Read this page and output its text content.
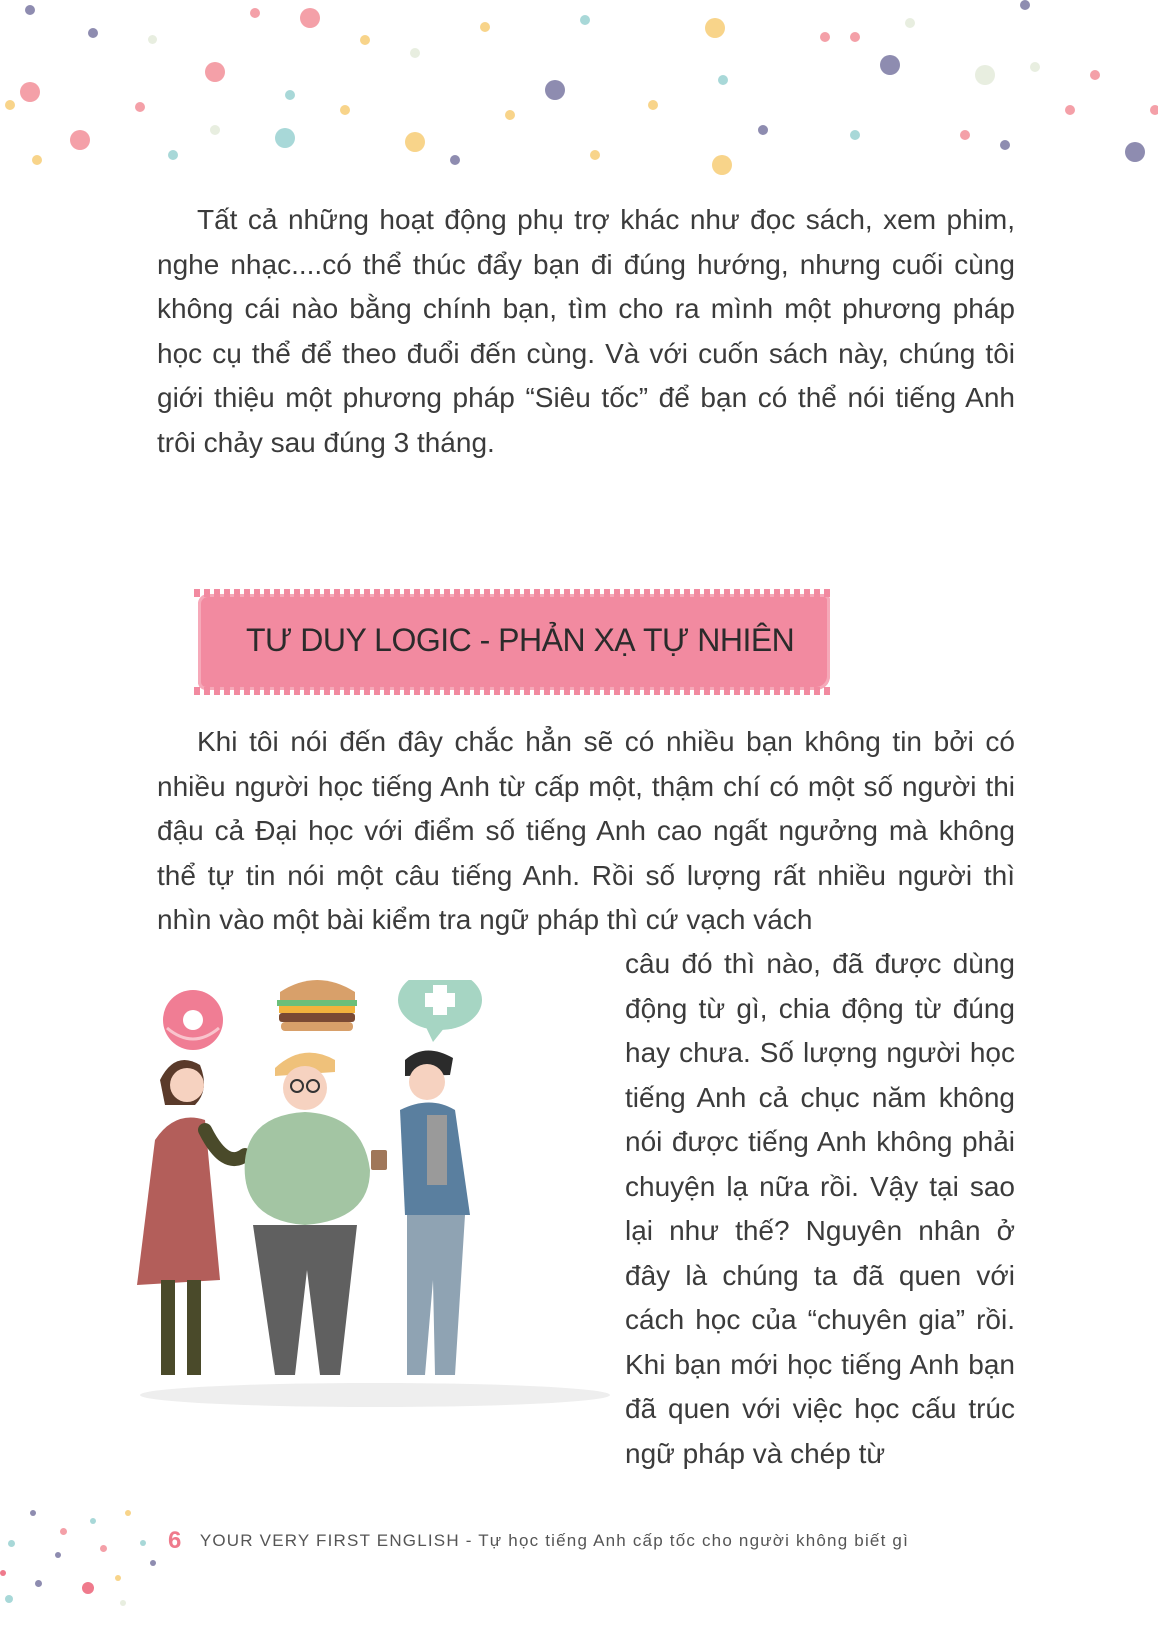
Tất cả những hoạt động phụ trợ khác như đọc sách, xem phim, nghe nhạc....có thể thúc đẩy bạn đi đúng hướng, nhưng cuối cùng không cái nào bằng chính bạn, tìm cho ra mình một phương pháp học cụ thể để theo đuổi đến cùng. Và với cuốn sách này, chúng tôi giới thiệu một phương pháp “Siêu tốc” để bạn có thể nói tiếng Anh trôi chảy sau đúng 3 tháng.

TƯ DUY LOGIC - PHẢN XẠ TỰ NHIÊN

Khi tôi nói đến đây chắc hẳn sẽ có nhiều bạn không tin bởi có nhiều người học tiếng Anh từ cấp một, thậm chí có một số người thi đậu cả Đại học với điểm số tiếng Anh cao ngất ngưởng mà không thể tự tin nói một câu tiếng Anh. Rồi số lượng rất nhiều người thì nhìn vào một bài kiểm tra ngữ pháp thì cứ vạch vách

câu đó thì nào, đã được dùng động từ gì, chia động từ đúng hay chưa. Số lượng người học tiếng Anh cả chục năm không nói được tiếng Anh không phải chuyện lạ nữa rồi. Vậy tại sao lại như thế? Nguyên nhân ở đây là chúng ta đã quen với cách học của “chuyên gia” rồi. Khi bạn mới học tiếng Anh bạn đã quen với việc học cấu trúc ngữ pháp và chép từ

6 YOUR VERY FIRST ENGLISH - Tự học tiếng Anh cấp tốc cho người không biết gì
